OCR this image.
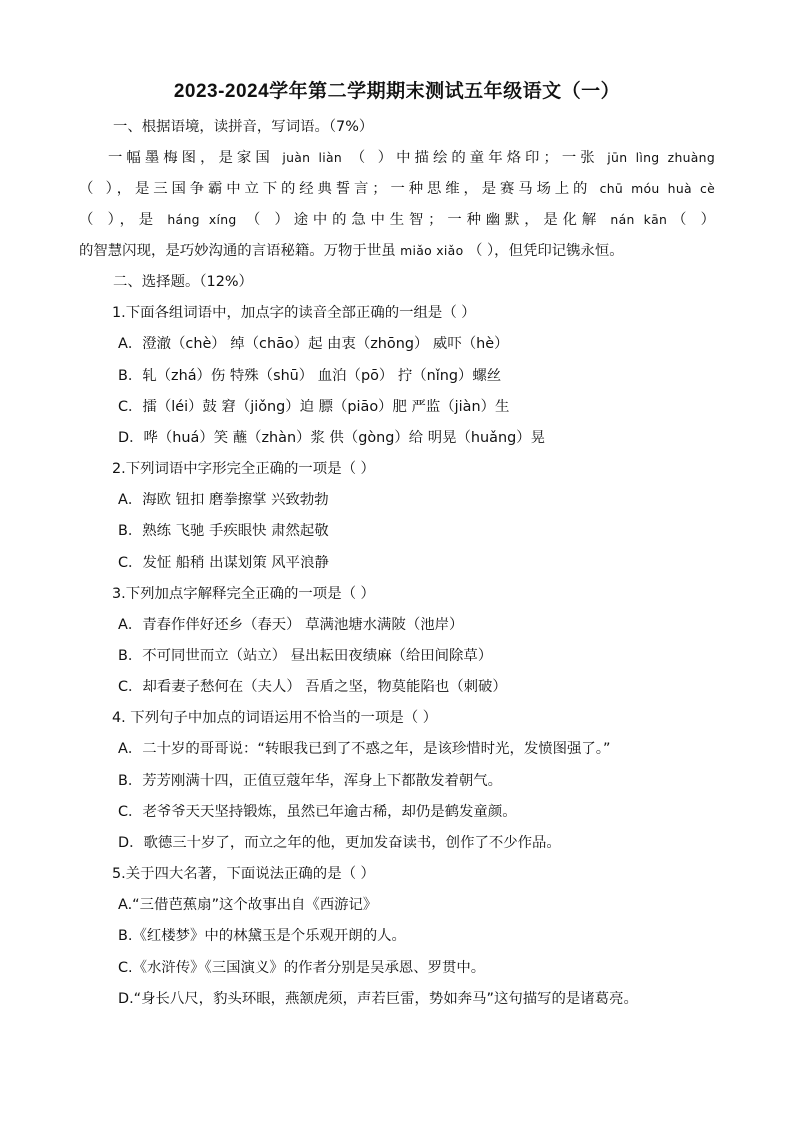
2023-2024学年第二学期期末测试五年级语文（一）
一、根据语境，读拼音，写词语。（7%）
一幅墨梅图，是家国 juàn liàn （ ）中描绘的童年烙印；一张 jūn lìng zhuàng
（ ），是三国争霸中立下的经典誓言；一种思维，是赛马场上的 chū móu huà cè
（ ），是 háng xíng （ ）途中的急中生智；一种幽默，是化解 nán kān（ ）
的智慧闪现，是巧妙沟通的言语秘籍。万物于世虽 miǎo xiǎo （ ），但凭印记镌永恒。
二、选择题。（12%）
1.下面各组词语中，加点字的读音全部正确的一组是（ ）
A．澄澈（chè） 绰（chāo）起 由衷（zhōng） 威吓（hè）
B．轧（zhá）伤 特殊（shū） 血泊（pō） 拧（nǐng）螺丝
C．擂（léi）鼓 窘（jiǒng）迫 膘（piāo）肥 严监（jiàn）生
D．哗（huá）笑 蘸（zhàn）浆 供（gòng）给 明晃（huǎng）晃
2.下列词语中字形完全正确的一项是（ ）
A．海欧 钮扣 磨拳擦掌 兴致勃勃
B．熟练 飞驰 手疾眼快 肃然起敬
C．发怔 船稍 出谋划策 风平浪静
3.下列加点字解释完全正确的一项是（ ）
A．青春作伴好还乡（春天） 草满池塘水满陂（池岸）
B．不可同世而立（站立） 昼出耘田夜绩麻（给田间除草）
C．却看妻子愁何在（夫人） 吾盾之坚，物莫能陷也（刺破）
4. 下列句子中加点的词语运用不恰当的一项是（ ）
A．二十岁的哥哥说：“转眼我已到了不惑之年，是该珍惜时光，发愤图强了。”
B．芳芳刚满十四，正值豆蔻年华，浑身上下都散发着朝气。
C．老爷爷天天坚持锻炼，虽然已年逾古稀，却仍是鹤发童颜。
D．歌德三十岁了，而立之年的他，更加发奋读书，创作了不少作品。
5.关于四大名著，下面说法正确的是（ ）
A.“三借芭蕉扇”这个故事出自《西游记》
B.《红楼梦》中的林黛玉是个乐观开朗的人。
C.《水浒传》《三国演义》的作者分别是吴承恩、罗贯中。
D.“身长八尺，豹头环眼，燕颔虎须，声若巨雷，势如奔马”这句描写的是诸葛亮。
